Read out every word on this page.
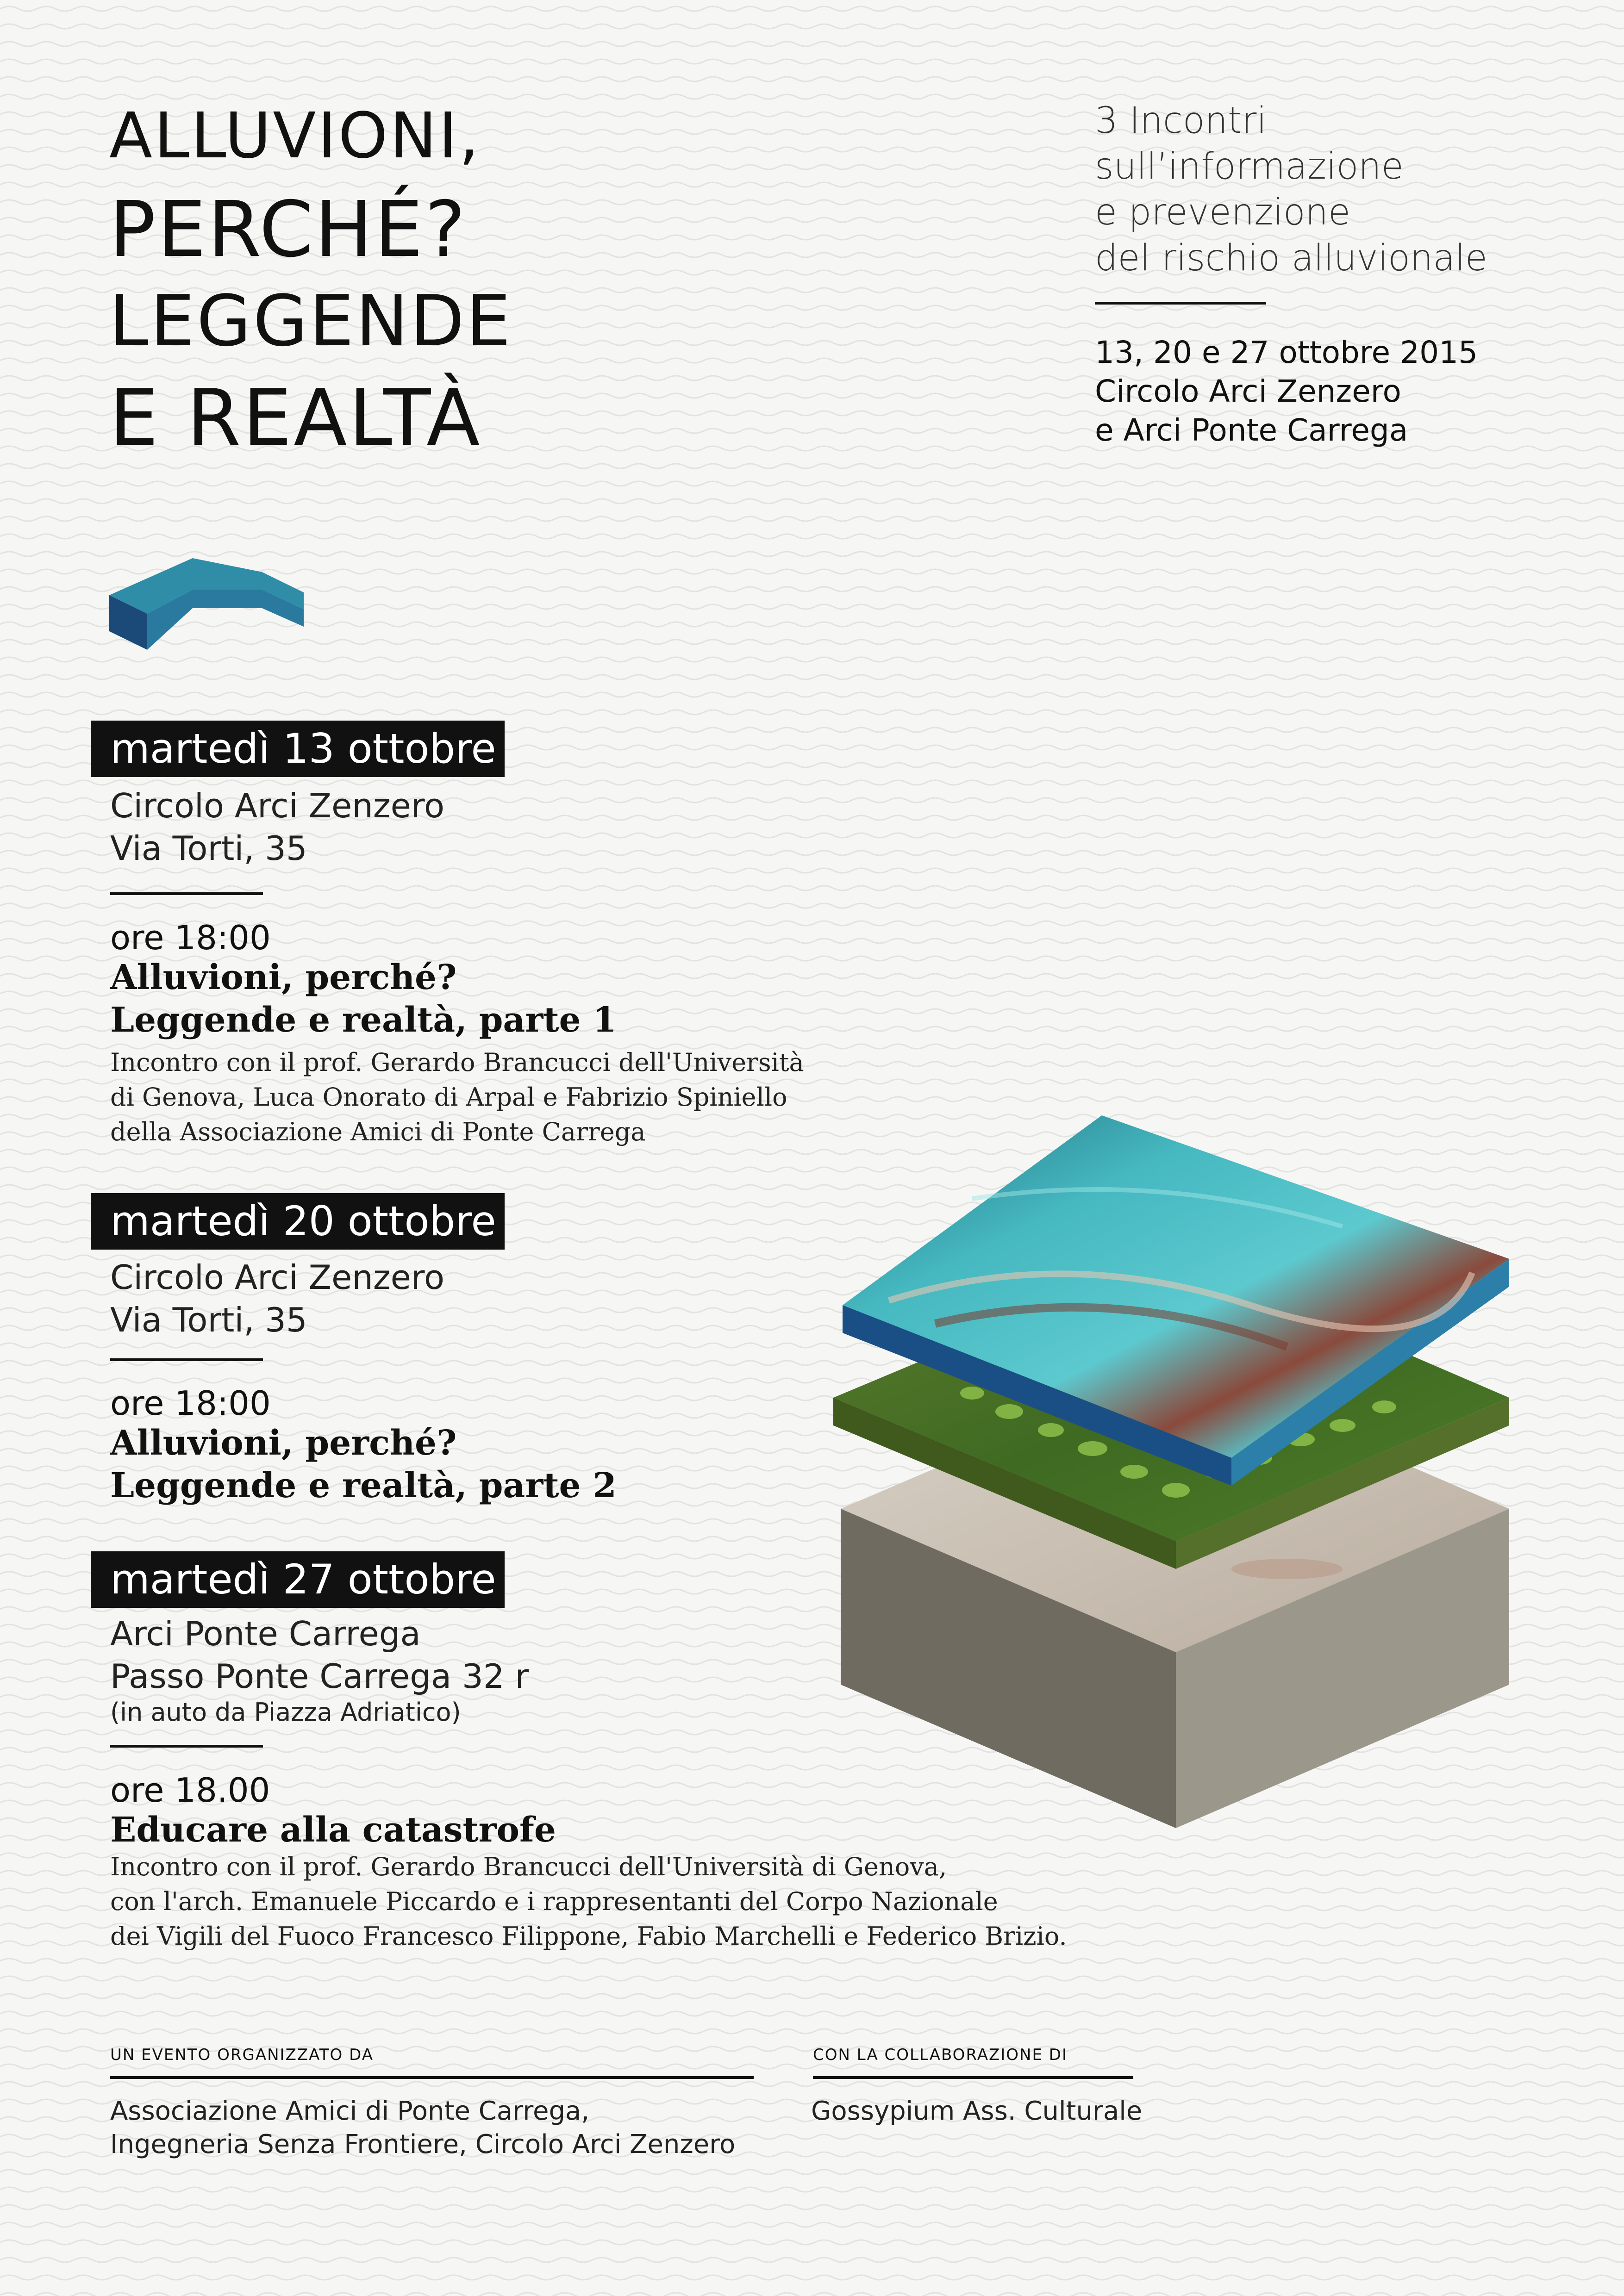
ALLUVIONI,
PERCHÉ?
LEGGENDE
E REALTÀ
3 Incontri
sull’informazione
e prevenzione
del rischio alluvionale
13, 20 e 27 ottobre 2015
Circolo Arci Zenzero
e Arci Ponte Carrega
martedì 13 ottobre
Circolo Arci Zenzero
Via Torti, 35
ore 18:00
Alluvioni, perché?
Leggende e realtà, parte 1
Incontro con il prof. Gerardo Brancucci dell'Università
di Genova, Luca Onorato di Arpal e Fabrizio Spiniello
della Associazione Amici di Ponte Carrega
martedì 20 ottobre
Circolo Arci Zenzero
Via Torti, 35
ore 18:00
Alluvioni, perché?
Leggende e realtà, parte 2
martedì 27 ottobre
Arci Ponte Carrega
Passo Ponte Carrega 32 r
(in auto da Piazza Adriatico)
ore 18.00
Educare alla catastrofe
Incontro con il prof. Gerardo Brancucci dell'Università di Genova,
con l'arch. Emanuele Piccardo e i rappresentanti del Corpo Nazionale
dei Vigili del Fuoco Francesco Filippone, Fabio Marchelli e Federico Brizio.
UN EVENTO ORGANIZZATO DA
Associazione Amici di Ponte Carrega,
Ingegneria Senza Frontiere, Circolo Arci Zenzero
CON LA COLLABORAZIONE DI
Gossypium Ass. Culturale
